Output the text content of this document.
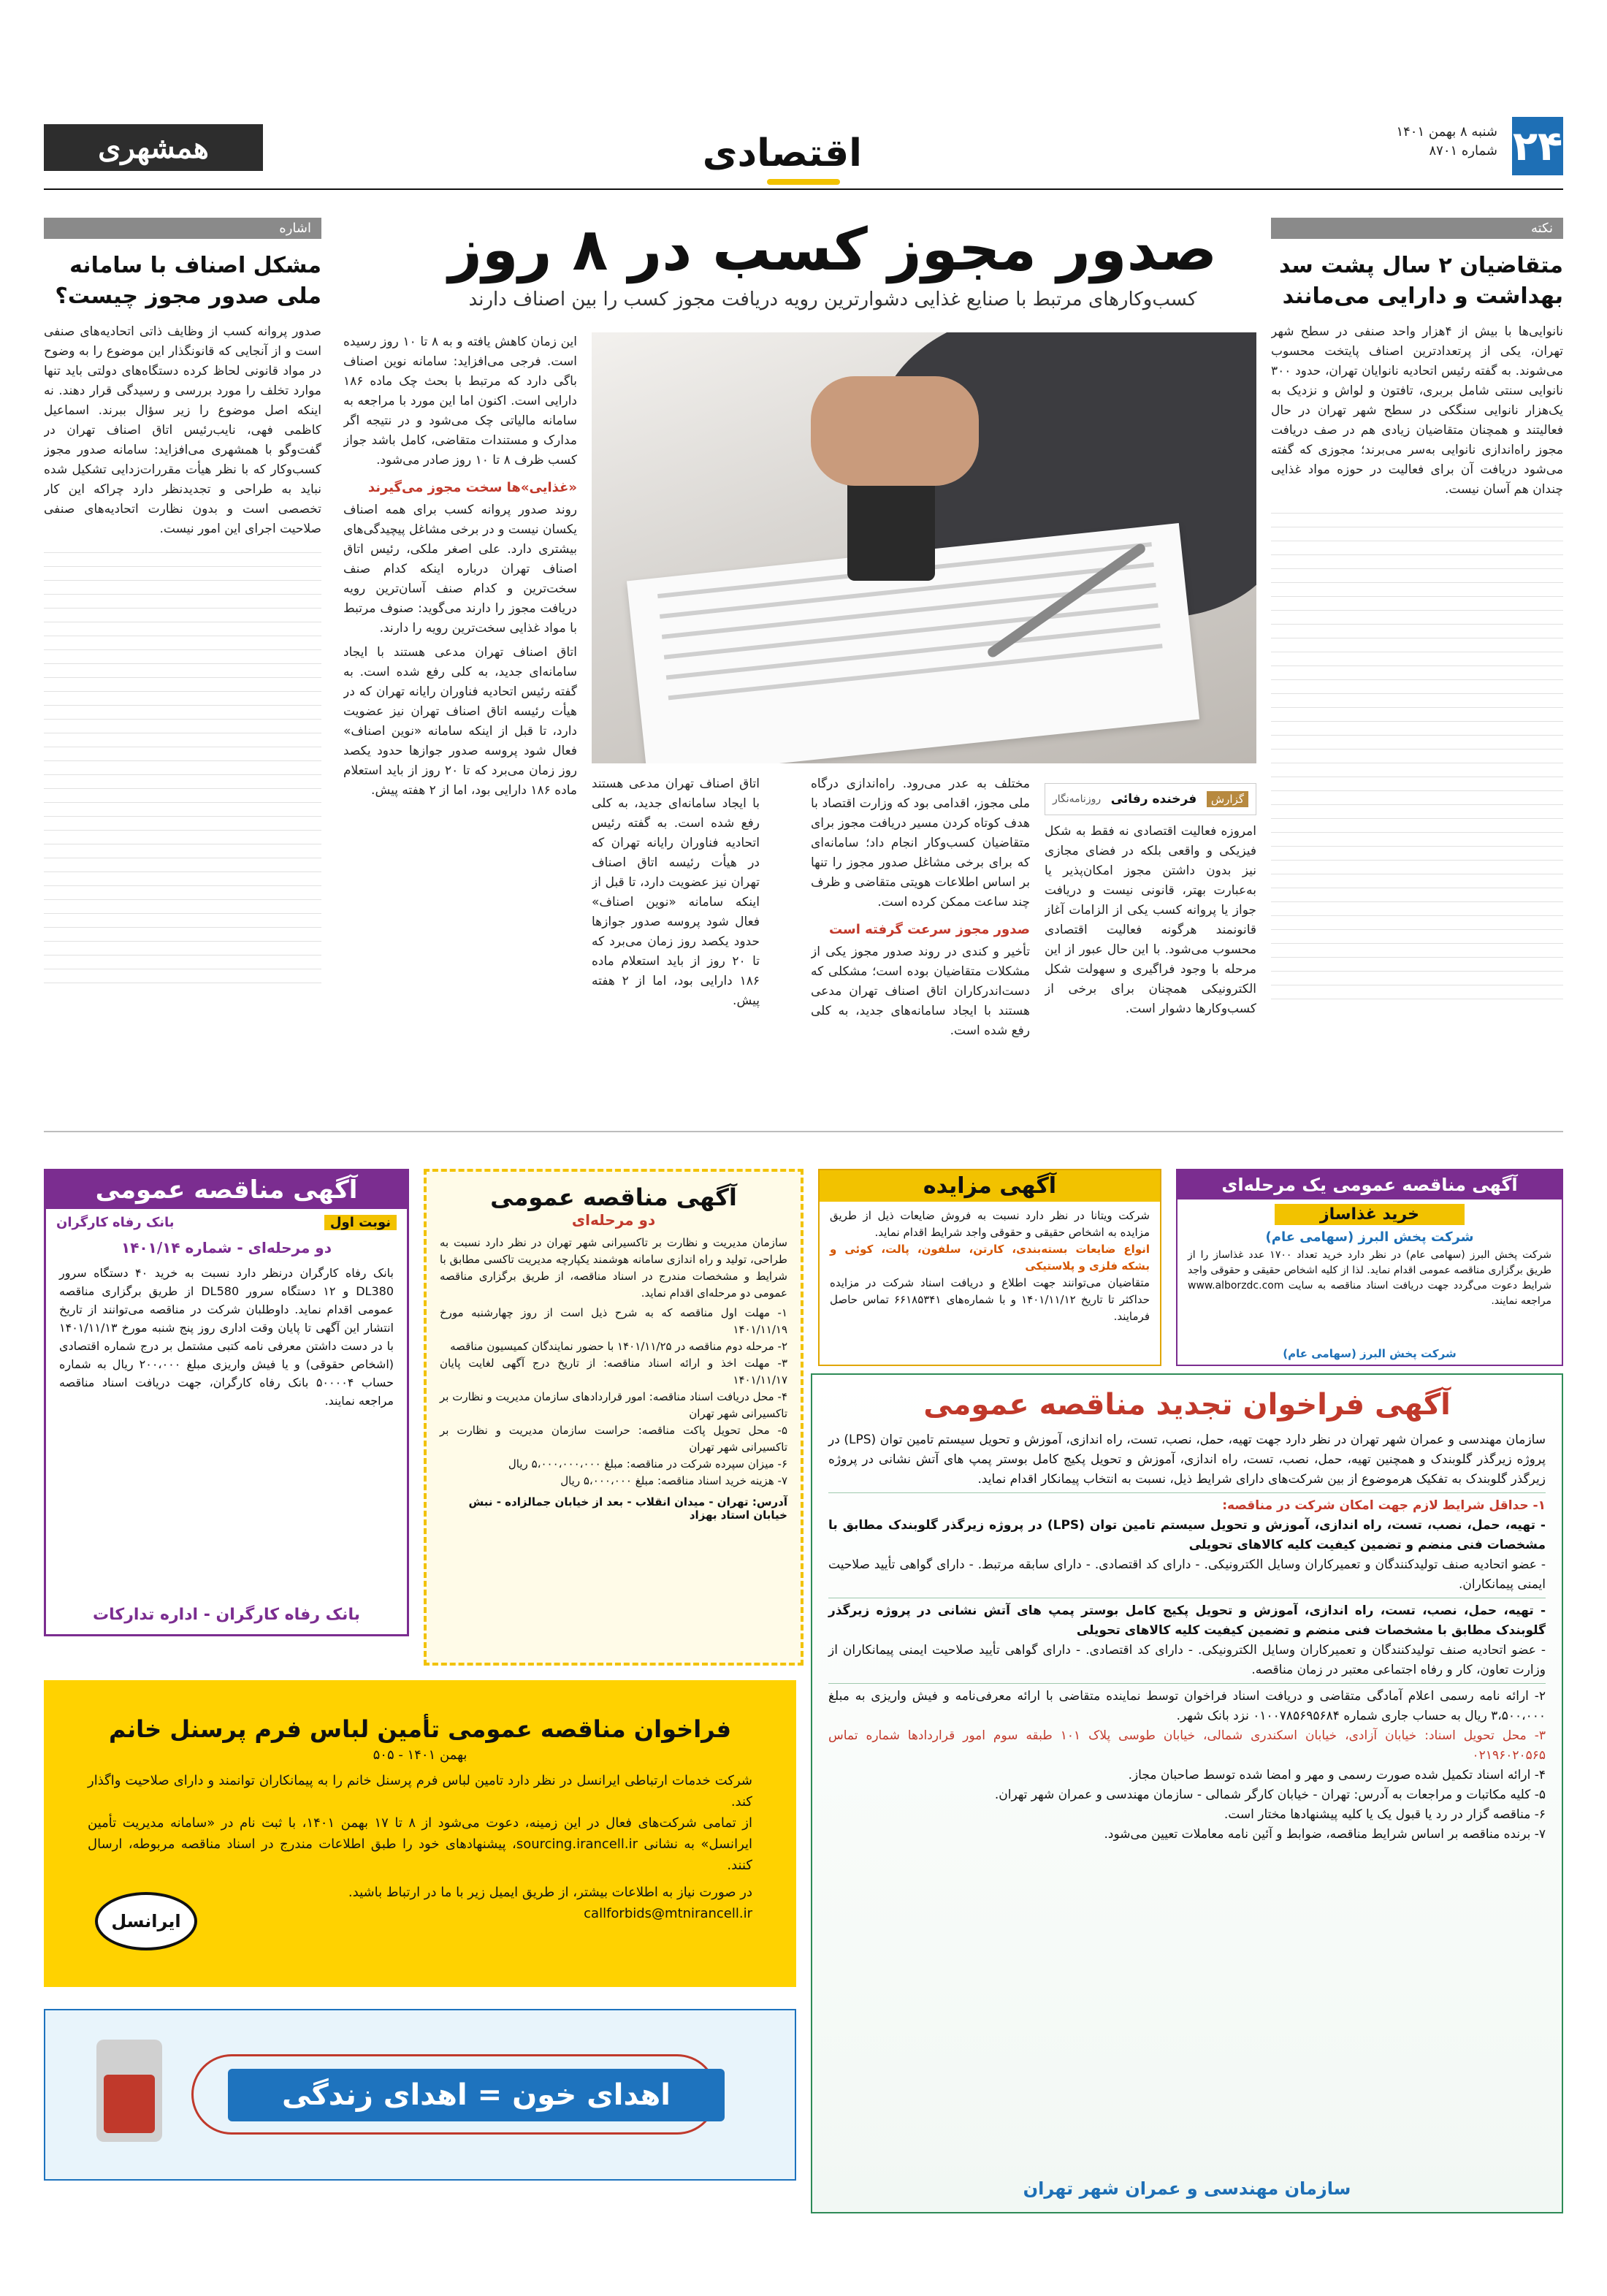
۲۴
شنبه ۸ بهمن ۱۴۰۱
شماره ۸۷۰۱
اقتصادی
همشهری
نکته
متقاضیان ۲ سال پشت سد بهداشت و دارایی می‌مانند
نانوایی‌ها با بیش از ۴هزار واحد صنفی در سطح شهر تهران، یکی از پرتعدادترین اصناف پایتخت محسوب می‌شوند. به گفته رئیس اتحادیه نانوایان تهران، حدود ۳۰۰ نانوایی سنتی شامل بربری، تافتون و لواش و نزدیک به یک‌هزار نانوایی سنگکی در سطح شهر تهران در حال فعالیتند و همچنان متقاضیان زیادی هم در صف دریافت مجوز راه‌اندازی نانوایی به‌سر می‌برند؛ مجوزی که گفته می‌شود دریافت آن برای فعالیت در حوزه مواد غذایی چندان هم آسان نیست.
اشاره
مشکل اصناف با سامانه ملی صدور مجوز چیست؟
صدور پروانه کسب از وظایف ذاتی اتحادیه‌های صنفی است و از آنجایی که قانونگذار این موضوع را به وضوح در مواد قانونی لحاظ کرده دستگاه‌های دولتی باید تنها موارد تخلف را مورد بررسی و رسیدگی قرار دهند. نه اینکه اصل موضوع را زیر سؤال ببرند. اسماعیل کاظمی فهی، نایب‌رئیس اتاق اصناف تهران در گفت‌وگو با همشهری می‌افزاید: سامانه صدور مجوز کسب‌وکار که با نظر هیأت مقررات‌زدایی تشکیل شده نباید به طراحی و تجدیدنظر دارد چراکه این کار تخصصی است و بدون نظارت اتحادیه‌های صنفی صلاحیت اجرای این امور نیست.
صدور مجوز کسب در ۸ روز
کسب‌وکارهای مرتبط با صنایع غذایی دشوارترین رویه دریافت مجوز کسب را بین اصناف دارند

این زمان کاهش یافته و به ۸ تا ۱۰ روز رسیده است. فرجی می‌افزاید: سامانه نوین اصناف باگی دارد که مرتبط با بحث چک ماده ۱۸۶ دارایی است. اکنون اما این مورد با مراجعه به سامانه مالیاتی چک می‌شود و در نتیجه اگر مدارک و مستندات متقاضی، کامل باشد جواز کسب ظرف ۸ تا ۱۰ روز صادر می‌شود.

«غذایی»ها سخت مجوز می‌گیرند

روند صدور پروانه کسب برای همه اصناف یکسان نیست و در برخی مشاغل پیچیدگی‌های بیشتری دارد. علی اصغر ملکی، رئیس اتاق اصناف تهران درباره اینکه کدام صنف سخت‌ترین و کدام صنف آسان‌ترین رویه دریافت مجوز را دارند می‌گوید: صنوف مرتبط با مواد غذایی سخت‌ترین رویه را دارند.

اتاق اصناف تهران مدعی هستند با ایجاد سامانه‌ای جدید، به کلی رفع شده است. به گفته رئیس اتحادیه فناوران رایانه تهران که در هیأت رئیسه اتاق اصناف تهران نیز عضویت دارد، تا قبل از اینکه سامانه «نوین اصناف» فعال شود پروسه صدور جوازها حدود یکصد روز زمان می‌برد که تا ۲۰ روز از باید استعلام ماده ۱۸۶ دارایی بود، اما از ۲ هفته پیش.

گزارش
فرخنده رفائی
روزنامه‌نگار

امروزه فعالیت اقتصادی نه فقط به شکل فیزیکی و واقعی بلکه در فضای مجازی نیز بدون داشتن مجوز امکان‌پذیر یا به‌عبارت بهتر، قانونی نیست و دریافت جواز یا پروانه کسب یکی از الزامات آغاز قانونمند هرگونه فعالیت اقتصادی محسوب می‌شود. با این حال عبور از این مرحله با وجود فراگیری و سهولت شکل الکترونیکی همچنان برای برخی از کسب‌وکارها دشوار است.

مختلف به عدر می‌رود. راه‌اندازی درگاه ملی مجوز، اقدامی بود که وزارت اقتصاد با هدف کوتاه کردن مسیر دریافت مجوز برای متقاضیان کسب‌وکار انجام داد؛ سامانه‌ای که برای برخی مشاغل صدور مجوز را تنها بر اساس اطلاعات هویتی متقاضی و ظرف چند ساعت ممکن کرده است.

صدور مجوز سرعت گرفته است

تأخیر و کندی در روند صدور مجوز یکی از مشکلات متقاضیان بوده است؛ مشکلی که دست‌اندرکاران اتاق اصناف تهران مدعی هستند با ایجاد سامانه‌های جدید، به کلی رفع شده است.

اتاق اصناف تهران مدعی هستند با ایجاد سامانه‌ای جدید، به کلی رفع شده است. به گفته رئیس اتحادیه فناوران رایانه تهران که در هیأت رئیسه اتاق اصناف تهران نیز عضویت دارد، تا قبل از اینکه سامانه «نوین اصناف» فعال شود پروسه صدور جوازها حدود یکصد روز زمان می‌برد که تا ۲۰ روز از باید استعلام ماده ۱۸۶ دارایی بود، اما از ۲ هفته پیش.

آگهی مناقصه عمومی
نوبت اول
بانک رفاه کارگران
دو مرحله‌ای - شماره ۱۴۰۱/۱۴
بانک رفاه کارگران درنظر دارد نسبت به خرید ۴۰ دستگاه سرور DL380 و ۱۲ دستگاه سرور DL580 از طریق برگزاری مناقصه عمومی اقدام نماید. داوطلبان شرکت در مناقصه می‌توانند از تاریخ انتشار این آگهی تا پایان وقت اداری روز پنج شنبه مورخ ۱۴۰۱/۱۱/۱۳ با در دست داشتن معرفی نامه کتبی مشتمل بر درج شماره اقتصادی (اشخاص حقوقی) و یا فیش واریزی مبلغ ۲۰۰،۰۰۰ ریال به شماره حساب ۵۰۰۰۰۴ بانک رفاه کارگران، جهت دریافت اسناد مناقصه مراجعه نمایند.
بانک رفاه کارگران - اداره تدارکات
آگهی مناقصه عمومی
دو مرحله‌ای
سازمان مدیریت و نظارت بر تاکسیرانی شهر تهران در نظر دارد نسبت به طراحی، تولید و راه اندازی سامانه هوشمند یکپارچه مدیریت تاکسی مطابق با شرایط و مشخصات مندرج در اسناد مناقصه، از طریق برگزاری مناقصه عمومی دو مرحله‌ای اقدام نماید.
۱- مهلت اول مناقصه که به شرح ذیل است از روز چهارشنبه مورخ ۱۴۰۱/۱۱/۱۹
۲- مرحله دوم مناقصه در ۱۴۰۱/۱۱/۲۵ با حضور نمایندگان کمیسیون مناقصه
۳- مهلت اخذ و ارائه اسناد مناقصه: از تاریخ درج آگهی لغایت پایان ۱۴۰۱/۱۱/۱۷
۴- محل دریافت اسناد مناقصه: امور قراردادهای سازمان مدیریت و نظارت بر تاکسیرانی شهر تهران
۵- محل تحویل پاکت مناقصه: حراست سازمان مدیریت و نظارت بر تاکسیرانی شهر تهران
۶- میزان سپرده شرکت در مناقصه: مبلغ ۵،۰۰۰،۰۰۰،۰۰۰ ریال
۷- هزینه خرید اسناد مناقصه: مبلغ ۵،۰۰۰،۰۰۰ ریال
آدرس: تهران - میدان انقلاب - بعد از خیابان جمالزاده - نبش خیابان استاد بهزاد
آگهی مزایده
شرکت ویتانا در نظر دارد نسبت به فروش ضایعات ذیل از طریق مزایده به اشخاص حقیقی و حقوقی واجد شرایط اقدام نماید.
انواع ضایعات بسته‌بندی، کارتن، سلفون، پالت، کوئی و بشکه فلزی و پلاستیکی
متقاضیان می‌توانند جهت اطلاع و دریافت اسناد شرکت در مزایده حداکثر تا تاریخ ۱۴۰۱/۱۱/۱۲ و با شماره‌های ۶۶۱۸۵۳۴۱ تماس حاصل فرمایند.
آگهی مناقصه عمومی یک مرحله‌ای
خرید غذاساز
شرکت پخش البرز (سهامی عام)
شرکت پخش البرز (سهامی عام) در نظر دارد خرید تعداد ۱۷۰۰ عدد غذاساز را از طریق برگزاری مناقصه عمومی اقدام نماید. لذا از کلیه اشخاص حقیقی و حقوقی واجد شرایط دعوت می‌گردد جهت دریافت اسناد مناقصه به سایت www.alborzdc.com مراجعه نمایند.
شرکت پخش البرز (سهامی عام)
آگهی فراخوان تجدید مناقصه عمومی
سازمان مهندسی و عمران شهر تهران در نظر دارد جهت تهیه، حمل، نصب، تست، راه اندازی، آموزش و تحویل سیستم تامین توان (LPS) در پروژه زیرگذر گلوبندک و همچنین تهیه، حمل، نصب، تست، راه اندازی، آموزش و تحویل پکیج کامل بوستر پمپ های آتش نشانی در پروژه زیرگذر گلوبندک به تفکیک هرموضوع از بین شرکت‌های دارای شرایط ذیل، نسبت به انتخاب پیمانکار اقدام نماید.
۱- حداقل شرایط لازم جهت امکان شرکت در مناقصه:
- تهیه، حمل، نصب، تست، راه اندازی، آموزش و تحویل سیستم تامین توان (LPS) در پروژه زیرگذر گلوبندک مطابق با مشخصات فنی منضم و تضمین کیفیت کلیه کالاهای تحویلی
- عضو اتحادیه صنف تولیدکنندگان و تعمیرکاران وسایل الکترونیکی. - دارای کد اقتصادی. - دارای سابقه مرتبط. - دارای گواهی تأیید صلاحیت ایمنی پیمانکاران.
- تهیه، حمل، نصب، تست، راه اندازی، آموزش و تحویل پکیج کامل بوستر پمپ های آتش نشانی در پروژه زیرگذر گلوبندک مطابق با مشخصات فنی منضم و تضمین کیفیت کلیه کالاهای تحویلی
- عضو اتحادیه صنف تولیدکنندگان و تعمیرکاران وسایل الکترونیکی. - دارای کد اقتصادی. - دارای گواهی تأیید صلاحیت ایمنی پیمانکاران از وزارت تعاون، کار و رفاه اجتماعی معتبر در زمان مناقصه.
۲- ارائه نامه رسمی اعلام آمادگی متقاضی و دریافت اسناد فراخوان توسط نماینده متقاضی با ارائه معرفی‌نامه و فیش واریزی به مبلغ ۳،۵۰۰،۰۰۰ ریال به حساب جاری شماره ۰۱۰۰۷۸۵۶۹۵۶۸۴ نزد بانک شهر.
۳- محل تحویل اسناد: خیابان آزادی، خیابان اسکندری شمالی، خیابان طوسی پلاک ۱۰۱ طبقه سوم امور قراردادها شماره تماس ۰۲۱۹۶۰۲۰۵۶۵
۴- ارائه اسناد تکمیل شده صورت رسمی و مهر و امضا شده توسط صاحبان مجاز.
۵- کلیه مکاتبات و مراجعات به آدرس: تهران - خیابان کارگر شمالی - سازمان مهندسی و عمران شهر تهران.
۶- مناقصه گزار در رد یا قبول یک یا کلیه پیشنهادها مختار است.
۷- برنده مناقصه بر اساس شرایط مناقصه، ضوابط و آئین نامه معاملات تعیین می‌شود.
سازمان مهندسی و عمران شهر تهران
فراخوان مناقصه عمومی تأمین لباس فرم پرسنل خانم
بهمن ۱۴۰۱ - ۵۰۵
شرکت خدمات ارتباطی ایرانسل در نظر دارد تامین لباس فرم پرسنل خانم را به پیمانکاران توانمند و دارای صلاحیت واگذار کند.
از تمامی شرکت‌های فعال در این زمینه، دعوت می‌شود از ۸ تا ۱۷ بهمن ۱۴۰۱، با ثبت نام در «سامانه مدیریت تأمین ایرانسل» به نشانی sourcing.irancell.ir، پیشنهادهای خود را طبق اطلاعات مندرج در اسناد مناقصه مربوطه، ارسال کنند.
در صورت نیاز به اطلاعات بیشتر، از طریق ایمیل زیر با ما در ارتباط باشید.
callforbids@mtnirancell.ir
ایرانسل
اهدای خون = اهدای زندگی
